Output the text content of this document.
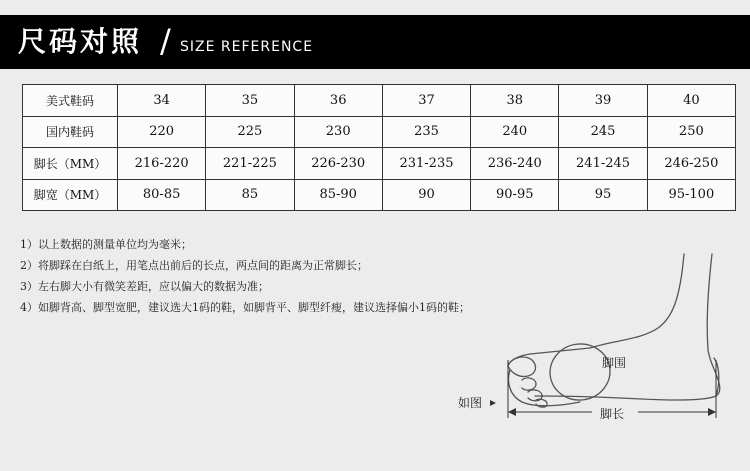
尺码对照 / SIZE REFERENCE
美式鞋码	34	35	36	37	38	39	40
国内鞋码	220	225	230	235	240	245	250
脚长（MM）	216-220	221-225	226-230	231-235	236-240	241-245	246-250
脚宽（MM）	80-85	85	85-90	90	90-95	95	95-100
1）以上数据的测量单位均为毫米；
2）将脚踩在白纸上，用笔点出前后的长点，两点间的距离为正常脚长；
3）左右脚大小有微笑差距，应以偏大的数据为准；
4）如脚背高、脚型宽肥，建议选大1码的鞋，如脚背平、脚型纤瘦，建议选择偏小1码的鞋；
脚围
如图
脚长
